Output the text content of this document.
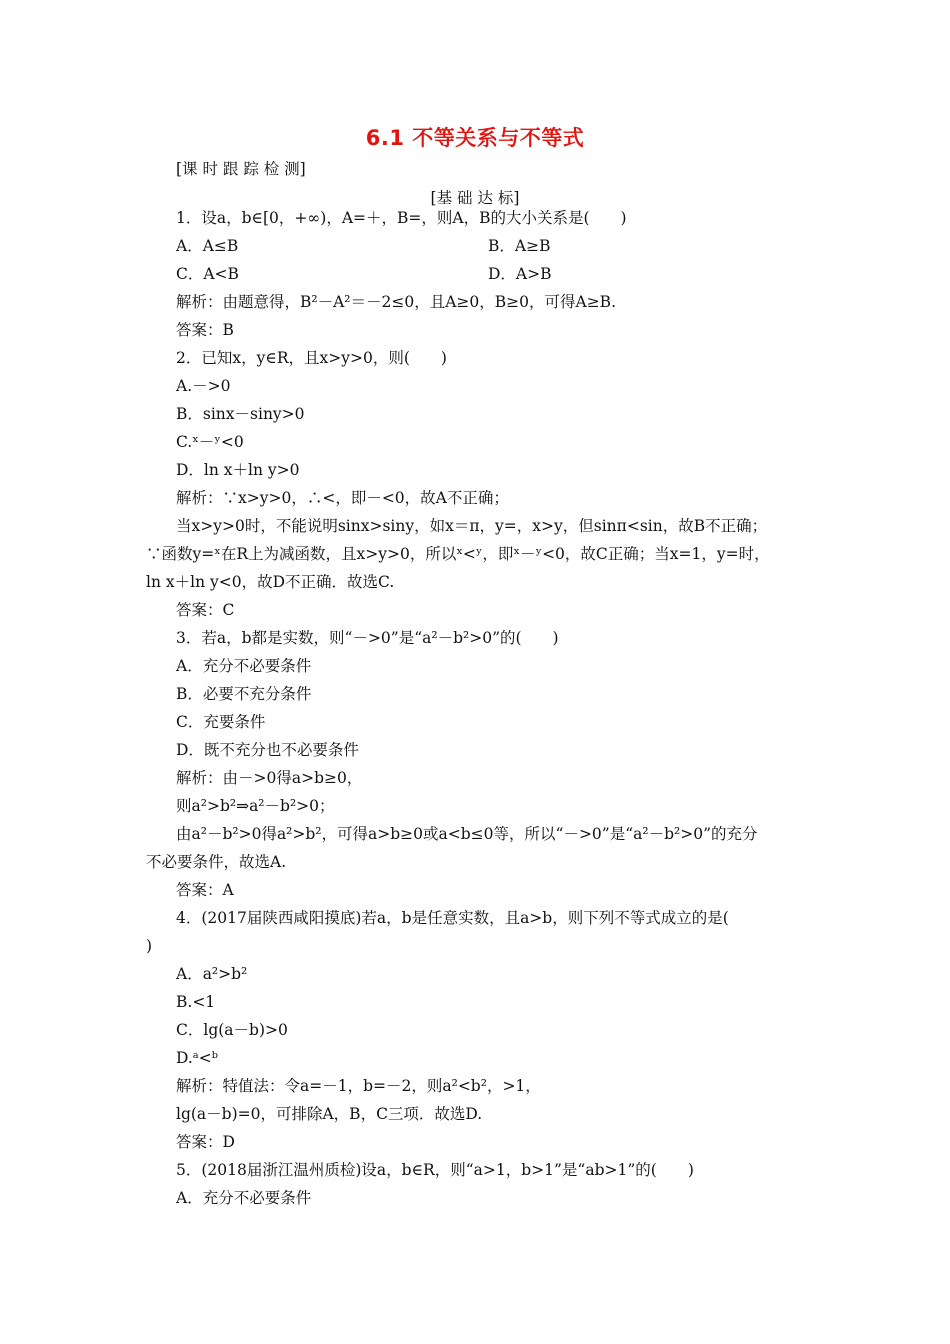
6.1 不等关系与不等式
[课 时 跟 踪 检 测]
[基 础 达 标]
1．设a，b∈[0，+∞)，A=＋，B=，则A，B的大小关系是(　　)
A．A≤B	B．A≥B
C．A<B	D．A>B
解析：由题意得，B²－A²＝－2≤0，且A≥0，B≥0，可得A≥B.
答案：B
2．已知x，y∈R，且x>y>0，则(　　)
A.－>0
B．sinx－siny>0
C.ˣ－ʸ<0
D．ln x＋ln y>0
解析：∵x>y>0，∴<，即－<0，故A不正确；
当x>y>0时，不能说明sinx>siny，如x＝π，y=，x>y，但sinπ<sin，故B不正确；
∵函数y=ˣ在R上为减函数，且x>y>0，所以ˣ<ʸ，即ˣ－ʸ<0，故C正确；当x=1，y=时，
ln x＋ln y<0，故D不正确．故选C.
答案：C
3．若a，b都是实数，则“－>0”是“a²－b²>0”的(　　)
A．充分不必要条件
B．必要不充分条件
C．充要条件
D．既不充分也不必要条件
解析：由－>0得a>b≥0，
则a²>b²⇒a²－b²>0；
由a²－b²>0得a²>b²，可得a>b≥0或a<b≤0等，所以“－>0”是“a²－b²>0”的充分
不必要条件，故选A.
答案：A
4．(2017届陕西咸阳摸底)若a，b是任意实数，且a>b，则下列不等式成立的是(
)
A．a²>b²
B.<1
C．lg(a－b)>0
D.ᵃ<ᵇ
解析：特值法：令a=－1，b=－2，则a²<b²，>1，
lg(a－b)=0，可排除A，B，C三项．故选D.
答案：D
5．(2018届浙江温州质检)设a，b∈R，则“a>1，b>1”是“ab>1”的(　　)
A．充分不必要条件
